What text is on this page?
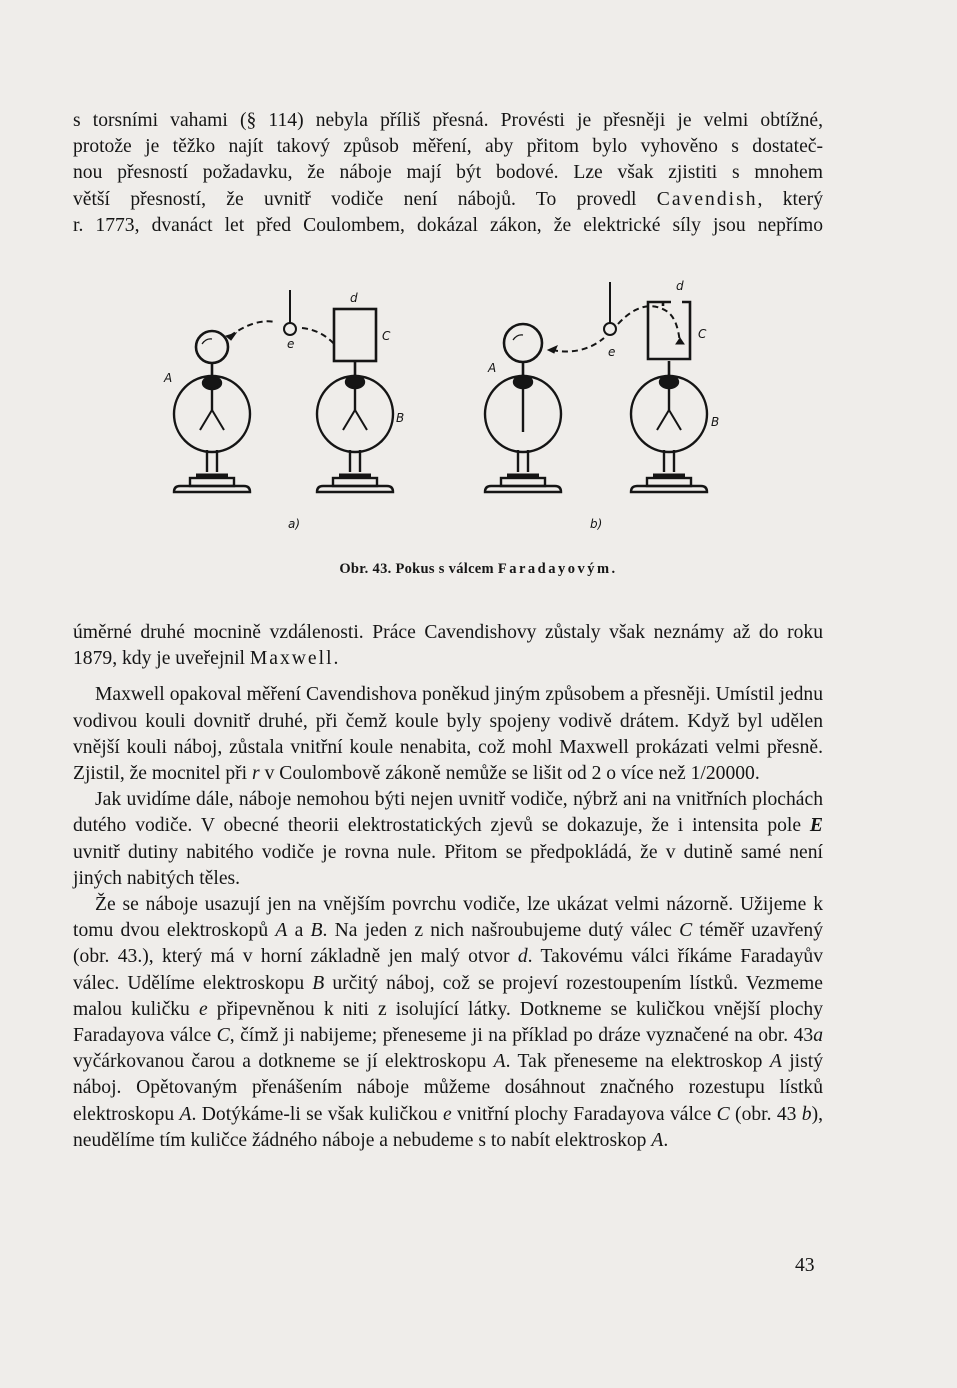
s torsními vahami (§ 114) nebyla příliš přesná. Provésti je přesněji je velmi obtížné,
protože je těžko najít takový způsob měření, aby přitom bylo vyhověno s dostateč-
nou přesností požadavku, že náboje mají být bodové. Lze však zjistiti s mnohem
větší přesností, že uvnitř vodiče není nábojů. To provedl Cavendish, který
r. 1773, dvanáct let před Coulombem, dokázal zákon, že elektrické síly jsou nepřímo
d
C
e
A
B
a)
d
C
e
A
B
b)
Obr. 43. Pokus s válcem Faradayovým.

úměrné druhé mocnině vzdálenosti. Práce Cavendishovy zůstaly však neznámy až do roku 1879, kdy je uveřejnil Maxwell.

Maxwell opakoval měření Cavendishova poněkud jiným způsobem a přesněji. Umístil jednu vodivou kouli dovnitř druhé, při čemž koule byly spojeny vodivě drátem. Když byl udělen vnější kouli náboj, zůstala vnitřní koule nenabita, což mohl Maxwell prokázati velmi přesně. Zjistil, že mocnitel při r v Coulombově zákoně nemůže se lišit od 2 o více než 1/20000.

Jak uvidíme dále, náboje nemohou býti nejen uvnitř vodiče, nýbrž ani na vnitřních plochách dutého vodiče. V obecné theorii elektrostatických zjevů se dokazuje, že i intensita pole E uvnitř dutiny nabitého vodiče je rovna nule. Přitom se předpokládá, že v dutině samé není jiných nabitých těles.

Že se náboje usazují jen na vnějším povrchu vodiče, lze ukázat velmi názorně. Užijeme k tomu dvou elektroskopů A a B. Na jeden z nich našroubujeme dutý válec C téměř uzavřený (obr. 43.), který má v horní základně jen malý otvor d. Takovému válci říkáme Faradayův válec. Udělíme elektroskopu B určitý náboj, což se projeví rozestoupením lístků. Vezmeme malou kuličku e připevněnou k niti z isolující látky. Dotkneme se kuličkou vnější plochy Faradayova válce C, čímž ji nabijeme; přeneseme ji na příklad po dráze vyznačené na obr. 43a vyčárkovanou čarou a dotkneme se jí elektroskopu A. Tak přeneseme na elektroskop A jistý náboj. Opětovaným přenášením náboje můžeme dosáhnout značného rozestupu lístků elektroskopu A. Dotýkáme-li se však kuličkou e vnitřní plochy Faradayova válce C (obr. 43 b), neudělíme tím kuličce žádného náboje a nebudeme s to nabít elektroskop A.

43
